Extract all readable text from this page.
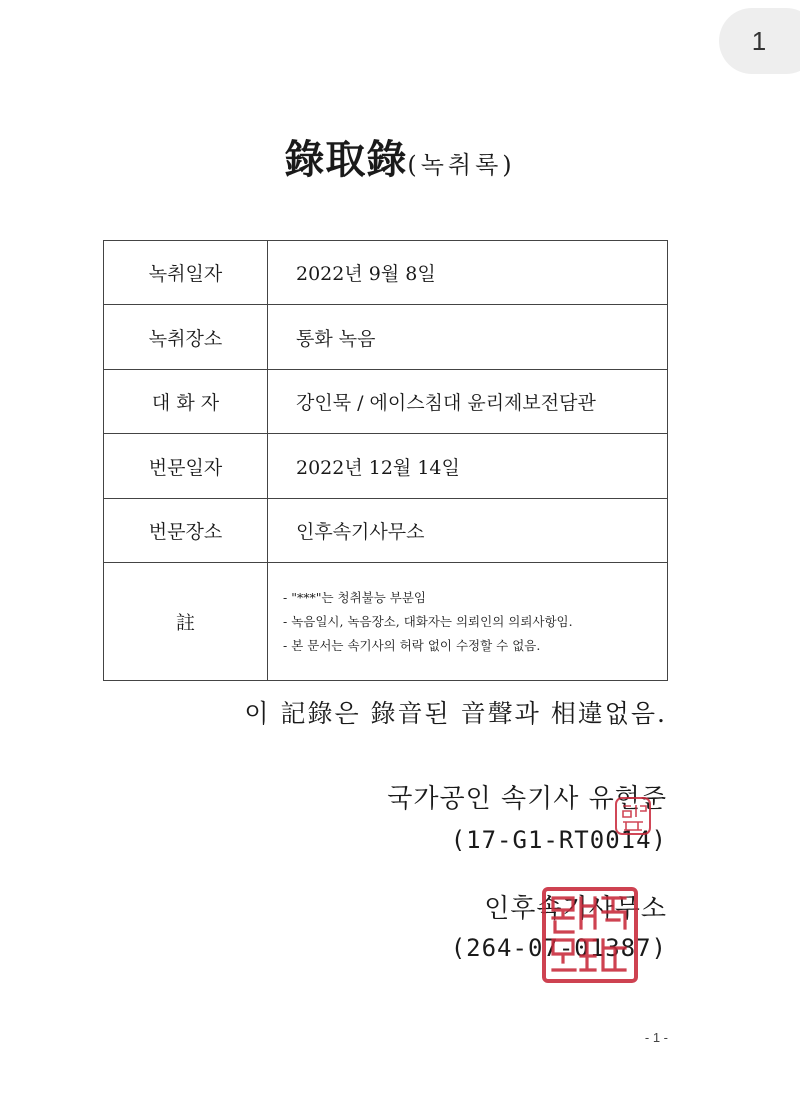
1
錄取錄(녹취록)
녹취일자	2022년 9월 8일
녹취장소	통화 녹음
대 화 자	강인묵 / 에이스침대 윤리제보전담관
번문일자	2022년 12월 14일
번문장소	인후속기사무소
註	- "***"는 청취불능 부분임
- 녹음일시, 녹음장소, 대화자는 의뢰인의 의뢰사항임.
- 본 문서는 속기사의 허락 없이 수정할 수 없음.
이 記錄은 錄音된 音聲과 相違없음.
국가공인 속기사 유현준
(17-G1-RT0014)
인후속기사무소
(264-07-01387)
- 1 -
